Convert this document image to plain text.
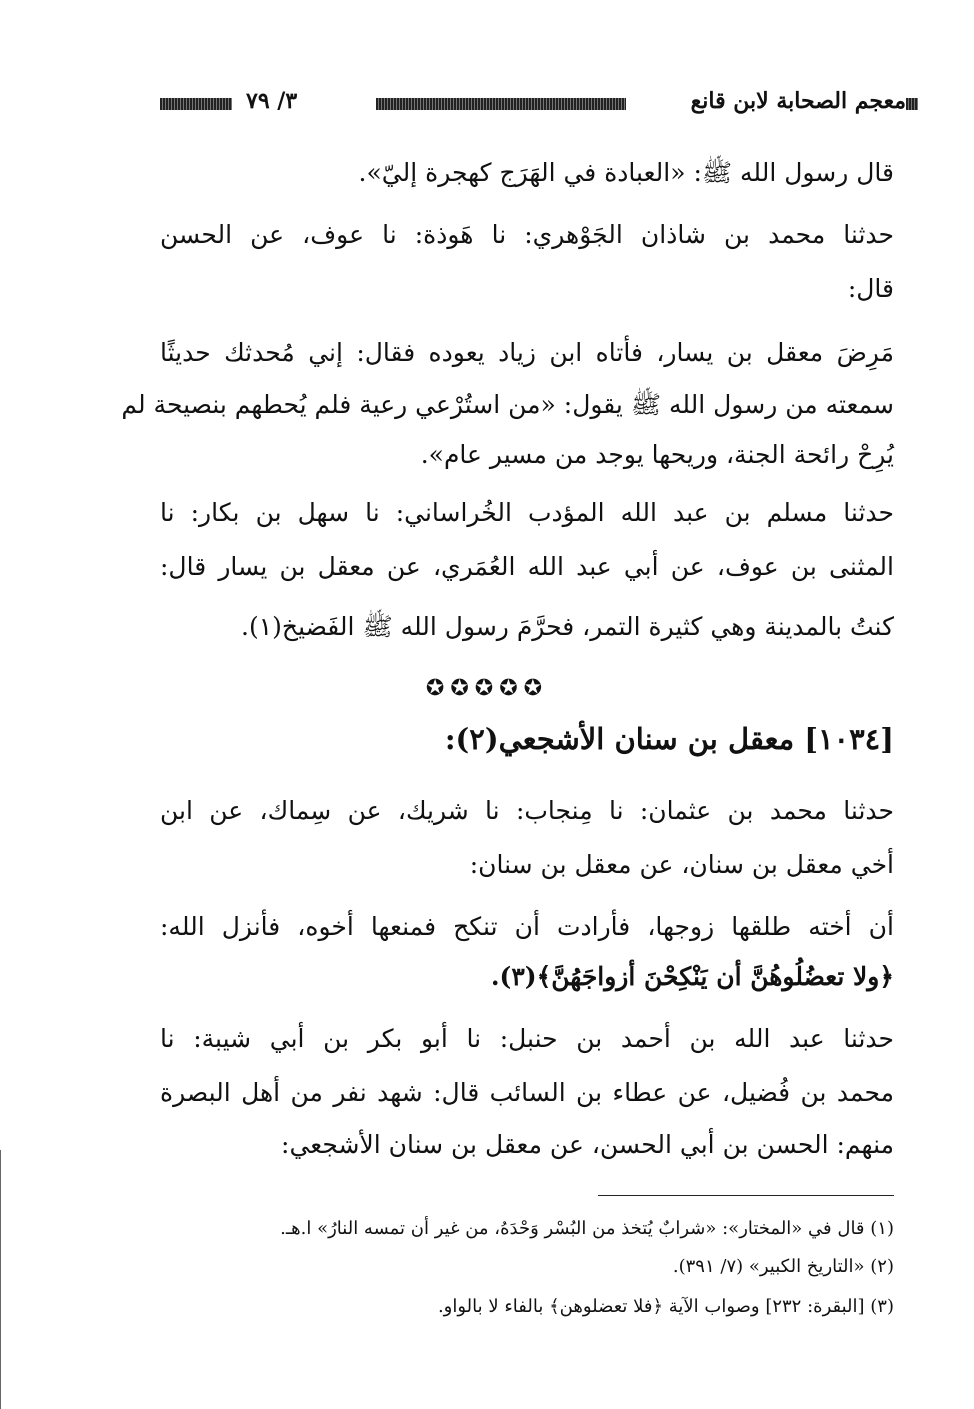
معجم الصحابة لابن قانع
٣/ ٧٩
قال رسول الله ﷺ: «العبادة في الهَرَج كهجرة إليّ».
حدثنا محمد بن شاذان الجَوْهري: نا هَوذة: نا عوف، عن الحسن
قال:
مَرِضَ معقل بن يسار، فأتاه ابن زياد يعوده فقال: إني مُحدثك حديثًا
سمعته من رسول الله ﷺ يقول: «من استُرْعي رعية فلم يُحطهم بنصيحة لم
يُرِحْ رائحة الجنة، وريحها يوجد من مسير عام».
حدثنا مسلم بن عبد الله المؤدب الخُراساني: نا سهل بن بكار: نا
المثنى بن عوف، عن أبي عبد الله العُمَري، عن معقل بن يسار قال:
كنتُ بالمدينة وهي كثيرة التمر، فحرَّمَ رسول الله ﷺ الفَضيخ(١).
✪✪✪✪✪
[١٠٣٤] معقل بن سنان الأشجعي(٢):
حدثنا محمد بن عثمان: نا مِنجاب: نا شريك، عن سِماك، عن ابن
أخي معقل بن سنان، عن معقل بن سنان:
أن أخته طلقها زوجها، فأرادت أن تنكح فمنعها أخوه، فأنزل الله:
﴿ولا تعضُلُوهُنَّ أن يَنْكِحْنَ أزواجَهُنَّ﴾(٣).
حدثنا عبد الله بن أحمد بن حنبل: نا أبو بكر بن أبي شيبة: نا
محمد بن فُضيل، عن عطاء بن السائب قال: شهد نفر من أهل البصرة
منهم: الحسن بن أبي الحسن، عن معقل بن سنان الأشجعي:
(١) قال في «المختار»: «شرابٌ يُتخذ من البُسْر وَحْدَهُ، من غير أن تمسه النارُ» ا.هـ.
(٢) «التاريخ الكبير» (٧/ ٣٩١).
(٣) [البقرة: ٢٣٢] وصواب الآية ﴿فلا تعضلوهن﴾ بالفاء لا بالواو.
